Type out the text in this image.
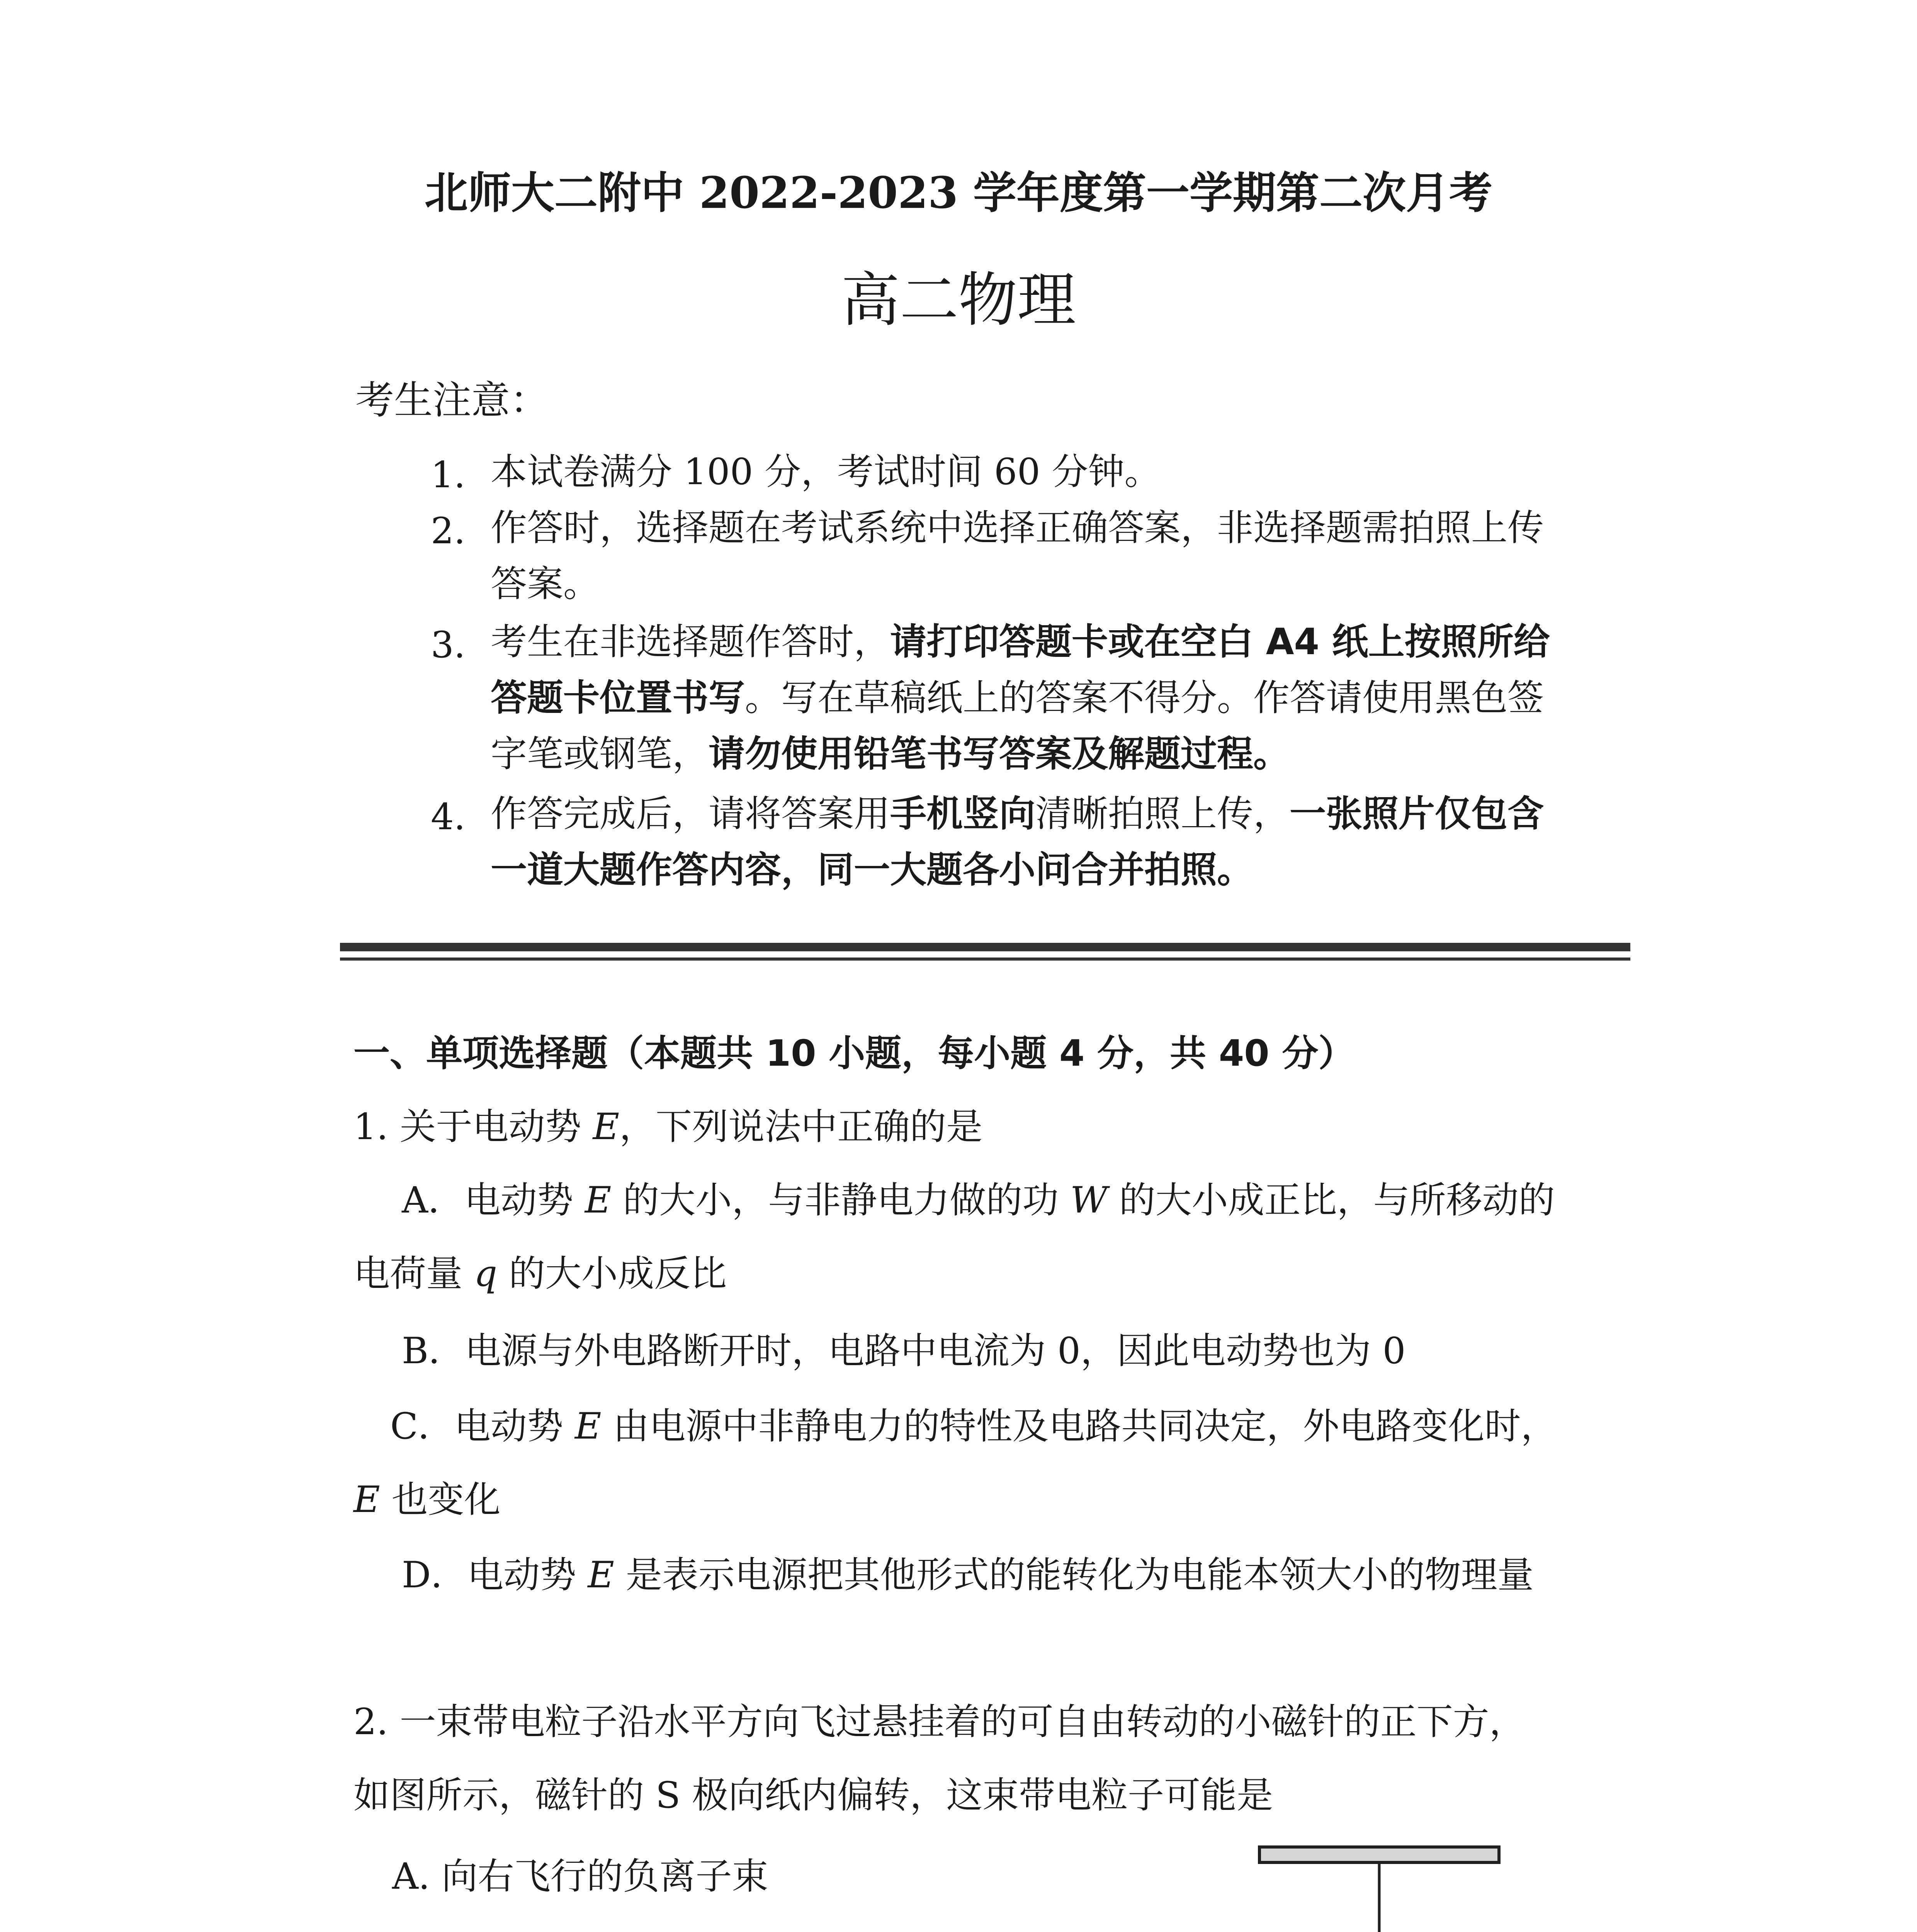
北师大二附中 2022-2023 学年度第一学期第二次月考
高二物理
考生注意：
1. 本试卷满分 100 分，考试时间 60 分钟。
2. 作答时，选择题在考试系统中选择正确答案，非选择题需拍照上传
答案。
3. 考生在非选择题作答时，请打印答题卡或在空白 A4 纸上按照所给
答题卡位置书写。写在草稿纸上的答案不得分。作答请使用黑色签
字笔或钢笔，请勿使用铅笔书写答案及解题过程。
4. 作答完成后，请将答案用手机竖向清晰拍照上传，一张照片仅包含
一道大题作答内容，同一大题各小问合并拍照。
一、单项选择题（本题共 10 小题，每小题 4 分，共 40 分）
1. 关于电动势 E，下列说法中正确的是
A．电动势 E 的大小，与非静电力做的功 W 的大小成正比，与所移动的
电荷量 q 的大小成反比
B．电源与外电路断开时，电路中电流为 0，因此电动势也为 0
C．电动势 E 由电源中非静电力的特性及电路共同决定，外电路变化时，
E 也变化
D．电动势 E 是表示电源把其他形式的能转化为电能本领大小的物理量
2. 一束带电粒子沿水平方向飞过悬挂着的可自由转动的小磁针的正下方，
如图所示，磁针的 S 极向纸内偏转，这束带电粒子可能是
A. 向右飞行的负离子束
